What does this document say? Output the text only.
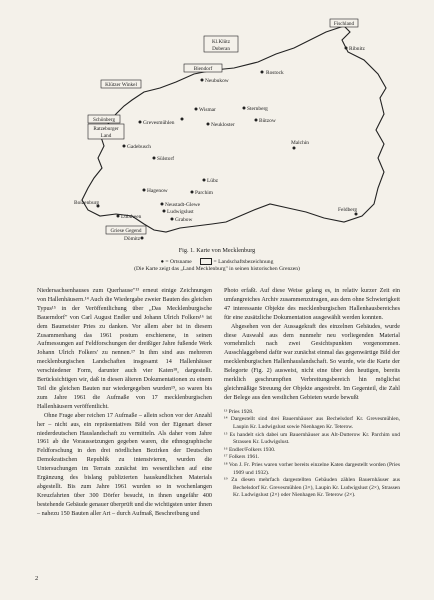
Fischland
Klützer Winkel
Schönberg
Ratzeburger
Land
Kl.Klütz
Doberan
Biendorf
Griese Gegend
Rostock
Ribnitz
Neubukow
Wismar
Grevesmühlen	Neukloster
Bützow
Sternberg
Gadebusch
Sülstorf
Malchin
Lübz
Parchim
Hagenow
Boizenburg	Neustadt-Glewe
Ludwigslust
Grabow
Lübtheen
Dömitz
Feldberg
Fig. 1. Karte von Mecklenburg
● = Ortsname	= Landschaftsbezeichnung
(Die Karte zeigt das „Land Mecklenburg" in seinen historischen Grenzen)

Niedersachsenhauses zum Querhause"¹³ erneut einige Zeichnungen von Hallenhäusern.¹⁴ Auch die Wiedergabe zweier Bauten des gleichen Typus¹⁵ in der Veröffentlichung über „Das Mecklenburgische Bauerndorf" von Carl August Endler und Johann Ulrich Folkers¹⁶ ist dem Baumeister Pries zu danken. Vor allem aber ist in diesem Zusammenhang das 1961 postum erschienene, in seinen Aufmessungen auf Feldforschungen der dreißiger Jahre fußende Werk Johann Ulrich Folkers' zu nennen.¹⁷ In ihm sind aus mehreren mecklenburgischen Landschaften insgesamt 14 Hallenhäuser verschiedener Form, darunter auch vier Katen¹⁸, dargestellt. Berücksichtigen wir, daß in diesen älteren Dokumentationen zu einem Teil die gleichen Bauten nur wiedergegeben wurden¹⁹, so waren bis zum Jahre 1961 die Aufmaße von 17 mecklenburgischen Hallenhäusern veröffentlicht.

Ohne Frage aber reichen 17 Aufmaße – allein schon vor der Anzahl her – nicht aus, ein repräsentatives Bild von der Eigenart dieser niederdeutschen Hauslandschaft zu vermitteln. Als daher vom Jahre 1961 ab die Voraussetzungen gegeben waren, die ethnographische Feldforschung in den drei nördlichen Bezirken der Deutschen Demokratischen Republik zu intensivieren, wurden die Untersuchungen im Terrain zunächst im wesentlichen auf eine Ergänzung des bislang publizierten hauskundlichen Materials abgestellt. Bis zum Jahre 1961 wurden so in wochenlangen Kreuzfahrten über 300 Dörfer besucht, in ihnen ungefähr 400 bestehende Gebäude genauer überprüft und die wichtigsten unter ihnen – nahezu 150 Bauten aller Art – durch Aufmaß, Beschreibung und

Photo erfaßt. Auf diese Weise gelang es, in relativ kurzer Zeit ein umfangreiches Archiv zusammenzutragen, aus dem ohne Schwierigkeit 47 interessante Objekte des mecklenburgischen Hallenhausbereiches für eine zusätzliche Dokumentation ausgewählt werden konnten.

Abgesehen von der Aussagekraft des einzelnen Gebäudes, wurde diese Auswahl aus dem nunmehr neu vorliegenden Material vornehmlich nach zwei Gesichtspunkten vorgenommen. Ausschlaggebend dafür war zunächst einmal das gegenwärtige Bild der mecklenburgischen Hallenhauslandschaft. So wurde, wie die Karte der Belegorte (Fig. 2) ausweist, nicht eine über den heutigen, bereits merklich geschrumpften Verbreitungsbereich hin möglichst gleichmäßige Streuung der Objekte angestrebt. Im Gegenteil, die Zahl der Belege aus den westlichen Gebieten wurde bewußt

¹³ Pries 1928.
¹⁴ Dargestellt sind drei Bauernhäuser aus Bechelsdorf Kr. Grevesmühlen, Laupin Kr. Ludwigslust sowie Nienhagen Kr. Teterow.
¹⁵ Es handelt sich dabei um Bauernhäuser aus Alt-Dutterow Kr. Parchim und Strassen Kr. Ludwigslust.
¹⁶ Endler/Folkers 1930.
¹⁷ Folkers 1961.
¹⁸ Von J. Fr. Pries waren vorher bereits einzelne Katen dargestellt worden (Pries 1909 und 1932).
¹⁹ Zu diesen mehrfach dargestellten Gebäuden zählen Bauernhäuser aus Bechelsdorf Kr. Grevesmühlen (3×), Laupin Kr. Ludwigslust (2×), Strassen Kr. Ludwigslust (2×) oder Nienhagen Kr. Teterow (2×).
2
